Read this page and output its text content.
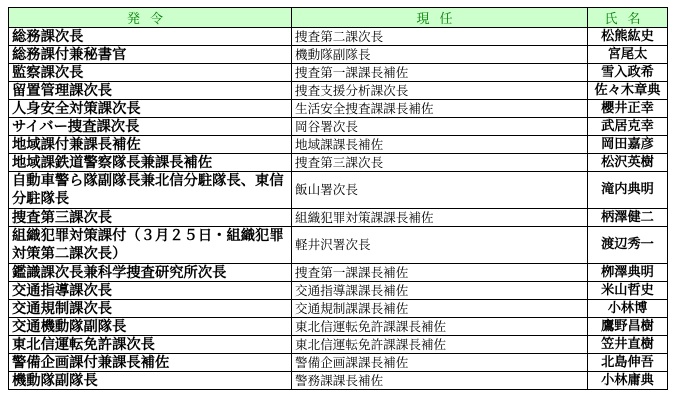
発令	現任	氏名
総務課次長	捜査第二課次長	松熊紘史
総務課付兼秘書官	機動隊副隊長	宮尾太
監察課次長	捜査第一課課長補佐	雪入政希
留置管理課次長	捜査支援分析課次長	佐々木章典
人身安全対策課次長	生活安全捜査課課長補佐	櫻井正幸
サイバー捜査課次長	岡谷署次長	武居克幸
地域課付兼課長補佐	地域課課長補佐	岡田嘉彦
地域課鉄道警察隊長兼課長補佐	捜査第三課次長	松沢英樹
自動車警ら隊副隊長兼北信分駐隊長、東信分駐隊長	飯山署次長	滝内典明
捜査第三課次長	組織犯罪対策課課長補佐	柄澤健二
組織犯罪対策課付（３月２５日・組織犯罪対策第二課次長）	軽井沢署次長	渡辺秀一
鑑識課次長兼科学捜査研究所次長	捜査第一課課長補佐	栁澤典明
交通指導課次長	交通指導課課長補佐	米山哲史
交通規制課次長	交通規制課課長補佐	小林博
交通機動隊副隊長	東北信運転免許課課長補佐	鷹野昌樹
東北信運転免許課次長	東北信運転免許課課長補佐	笠井直樹
警備企画課付兼課長補佐	警備企画課課長補佐	北島伸吾
機動隊副隊長	警務課課長補佐	小林庸典
